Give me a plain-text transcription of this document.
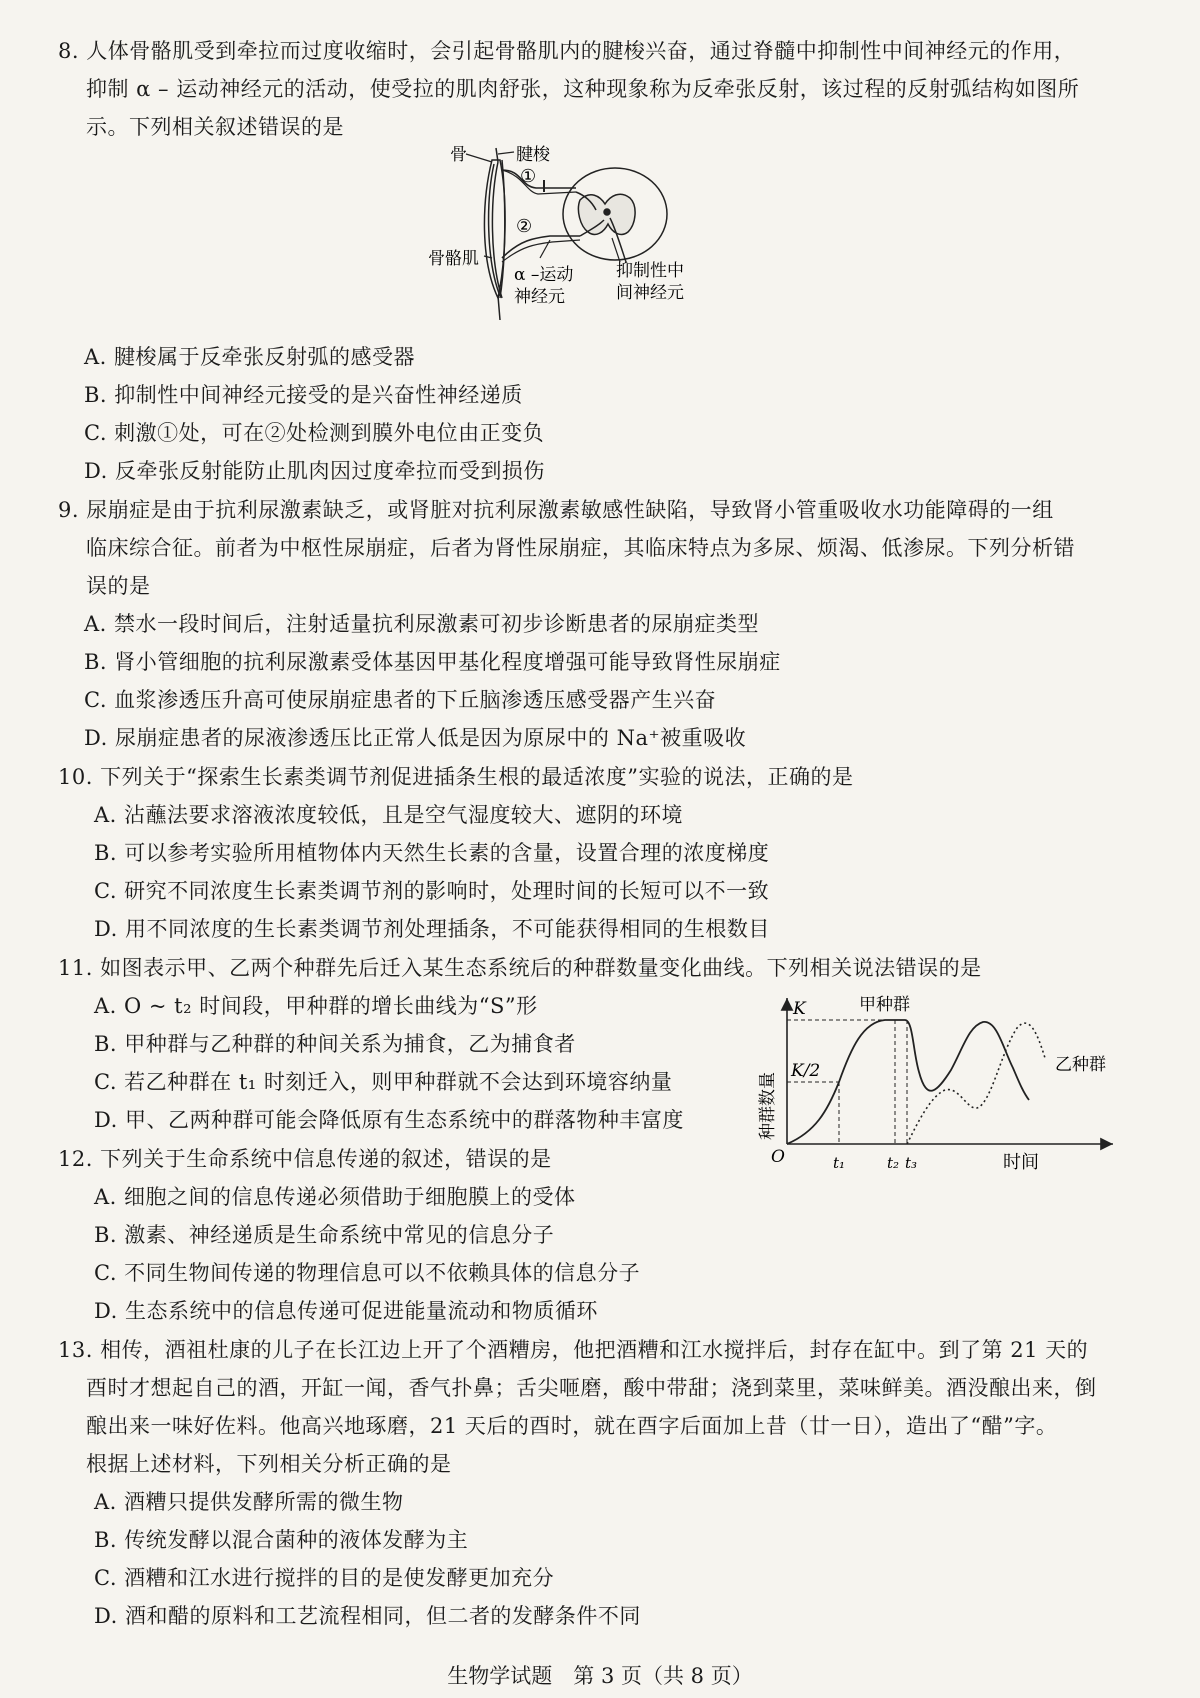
8. 人体骨骼肌受到牵拉而过度收缩时，会引起骨骼肌内的腱梭兴奋，通过脊髓中抑制性中间神经元的作用，
抑制 α – 运动神经元的活动，使受拉的肌肉舒张，这种现象称为反牵张反射，该过程的反射弧结构如图所
示。下列相关叙述错误的是
骨	腱梭
①
②
骨骼肌
α –运动
神经元
抑制性中
间神经元
A. 腱梭属于反牵张反射弧的感受器
B. 抑制性中间神经元接受的是兴奋性神经递质
C. 刺激①处，可在②处检测到膜外电位由正变负
D. 反牵张反射能防止肌肉因过度牵拉而受到损伤
9. 尿崩症是由于抗利尿激素缺乏，或肾脏对抗利尿激素敏感性缺陷，导致肾小管重吸收水功能障碍的一组
临床综合征。前者为中枢性尿崩症，后者为肾性尿崩症，其临床特点为多尿、烦渴、低渗尿。下列分析错
误的是
A. 禁水一段时间后，注射适量抗利尿激素可初步诊断患者的尿崩症类型
B. 肾小管细胞的抗利尿激素受体基因甲基化程度增强可能导致肾性尿崩症
C. 血浆渗透压升高可使尿崩症患者的下丘脑渗透压感受器产生兴奋
D. 尿崩症患者的尿液渗透压比正常人低是因为原尿中的 Na⁺被重吸收
10. 下列关于“探索生长素类调节剂促进插条生根的最适浓度”实验的说法，正确的是
A. 沾蘸法要求溶液浓度较低，且是空气湿度较大、遮阴的环境
B. 可以参考实验所用植物体内天然生长素的含量，设置合理的浓度梯度
C. 研究不同浓度生长素类调节剂的影响时，处理时间的长短可以不一致
D. 用不同浓度的生长素类调节剂处理插条，不可能获得相同的生根数目
11. 如图表示甲、乙两个种群先后迁入某生态系统后的种群数量变化曲线。下列相关说法错误的是
A. O ~ t₂ 时间段，甲种群的增长曲线为“S”形
B. 甲种群与乙种群的种间关系为捕食，乙为捕食者
C. 若乙种群在 t₁ 时刻迁入，则甲种群就不会达到环境容纳量
D. 甲、乙两种群可能会降低原有生态系统中的群落物种丰富度	种群数量
时间
O
K
K/2
t₁	t₂ t₃
甲种群
乙种群
12. 下列关于生命系统中信息传递的叙述，错误的是
A. 细胞之间的信息传递必须借助于细胞膜上的受体
B. 激素、神经递质是生命系统中常见的信息分子
C. 不同生物间传递的物理信息可以不依赖具体的信息分子
D. 生态系统中的信息传递可促进能量流动和物质循环
13. 相传，酒祖杜康的儿子在长江边上开了个酒糟房，他把酒糟和江水搅拌后，封存在缸中。到了第 21 天的
酉时才想起自己的酒，开缸一闻，香气扑鼻；舌尖咂磨，酸中带甜；浇到菜里，菜味鲜美。酒没酿出来，倒
酿出来一味好佐料。他高兴地琢磨，21 天后的酉时，就在酉字后面加上昔（廿一日），造出了“醋”字。
根据上述材料，下列相关分析正确的是
A. 酒糟只提供发酵所需的微生物
B. 传统发酵以混合菌种的液体发酵为主
C. 酒糟和江水进行搅拌的目的是使发酵更加充分
D. 酒和醋的原料和工艺流程相同，但二者的发酵条件不同
生物学试题　第 3 页（共 8 页）
